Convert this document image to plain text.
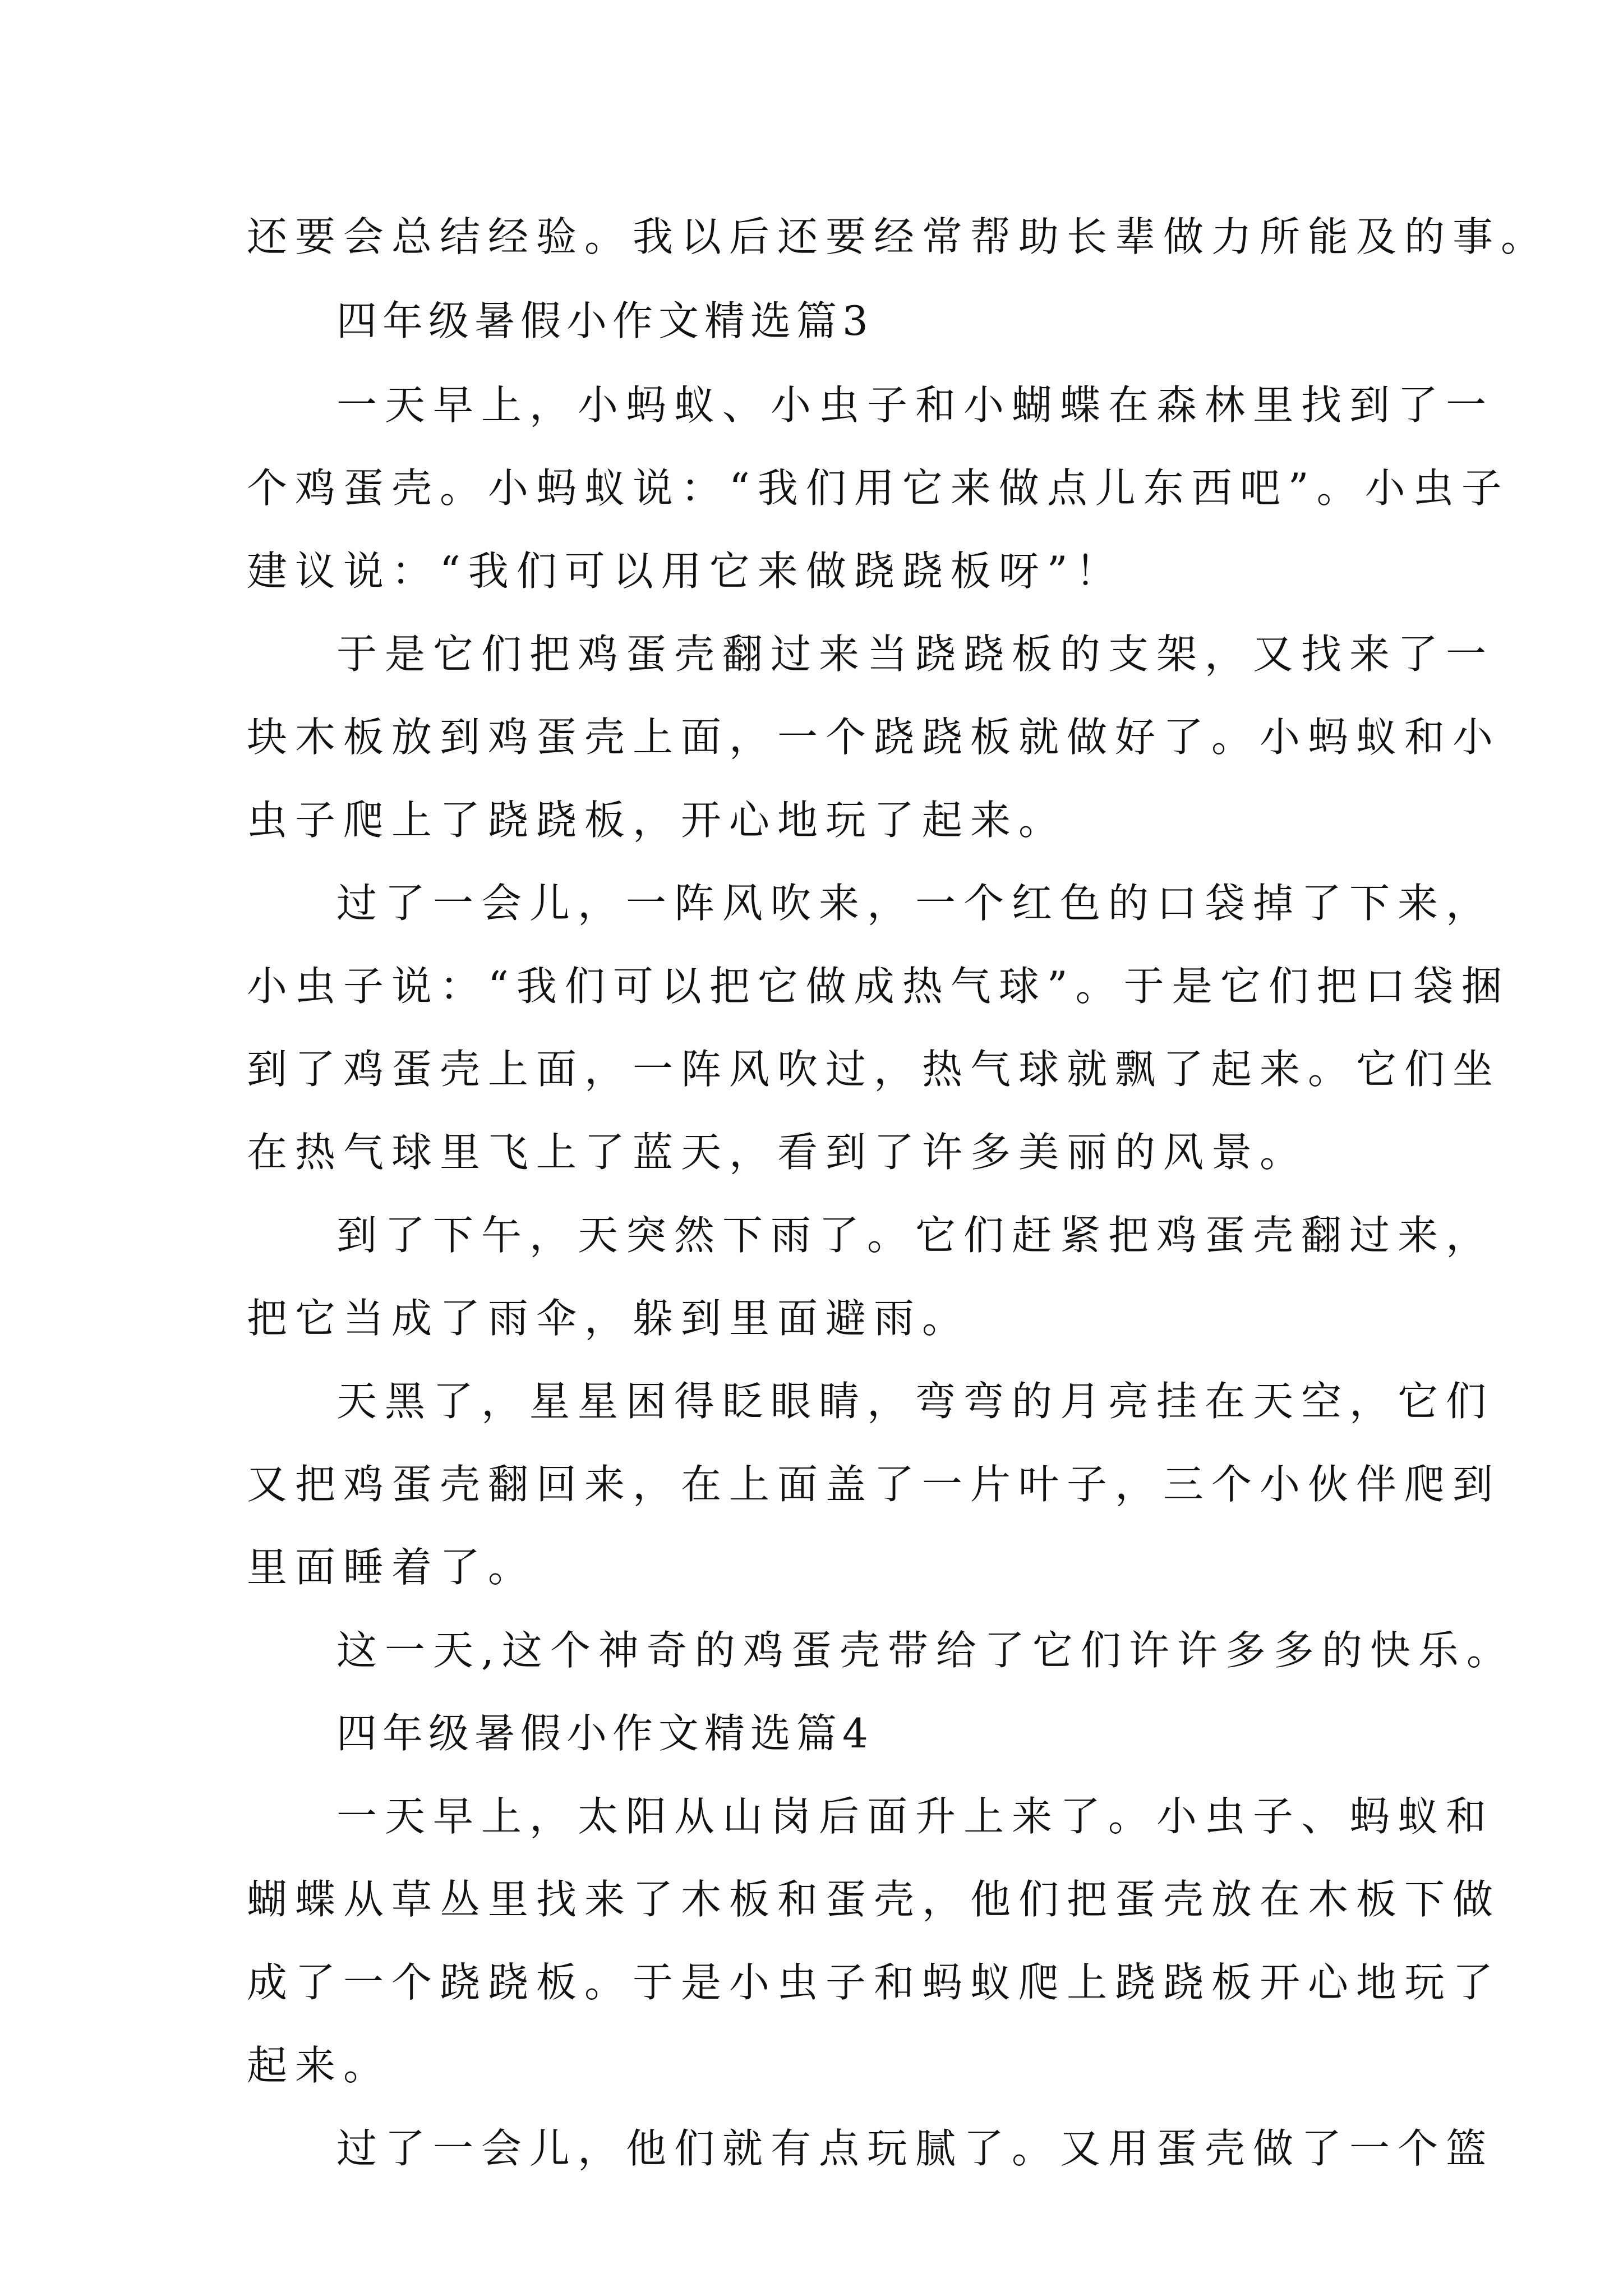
还要会总结经验。我以后还要经常帮助长辈做力所能及的事。
四年级暑假小作文精选篇3
一天早上，小蚂蚁、小虫子和小蝴蝶在森林里找到了一
个鸡蛋壳。小蚂蚁说：“我们用它来做点儿东西吧”。小虫子
建议说：“我们可以用它来做跷跷板呀”！
于是它们把鸡蛋壳翻过来当跷跷板的支架，又找来了一
块木板放到鸡蛋壳上面，一个跷跷板就做好了。小蚂蚁和小
虫子爬上了跷跷板，开心地玩了起来。
过了一会儿，一阵风吹来，一个红色的口袋掉了下来，
小虫子说：“我们可以把它做成热气球”。于是它们把口袋捆
到了鸡蛋壳上面，一阵风吹过，热气球就飘了起来。它们坐
在热气球里飞上了蓝天，看到了许多美丽的风景。
到了下午，天突然下雨了。它们赶紧把鸡蛋壳翻过来，
把它当成了雨伞，躲到里面避雨。
天黑了，星星困得眨眼睛，弯弯的月亮挂在天空，它们
又把鸡蛋壳翻回来，在上面盖了一片叶子，三个小伙伴爬到
里面睡着了。
这一天,这个神奇的鸡蛋壳带给了它们许许多多的快乐。
四年级暑假小作文精选篇4
一天早上，太阳从山岗后面升上来了。小虫子、蚂蚁和
蝴蝶从草丛里找来了木板和蛋壳，他们把蛋壳放在木板下做
成了一个跷跷板。于是小虫子和蚂蚁爬上跷跷板开心地玩了
起来。
过了一会儿，他们就有点玩腻了。又用蛋壳做了一个篮
